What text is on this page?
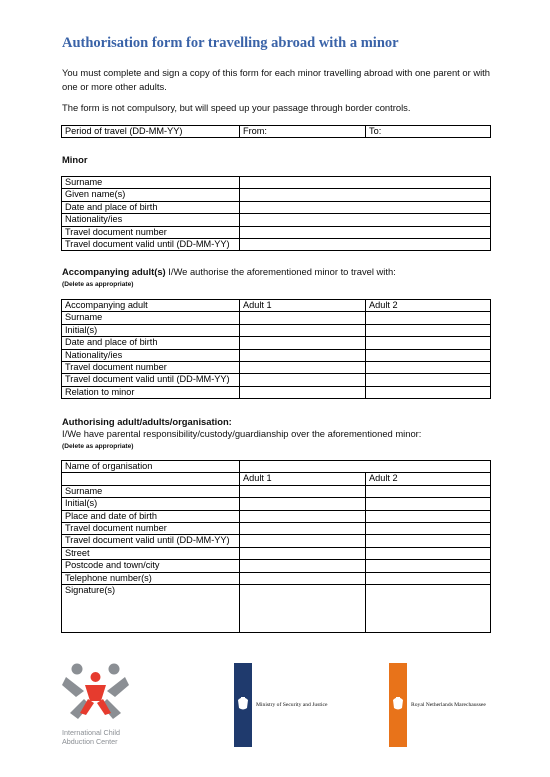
Authorisation form for travelling abroad with a minor

You must complete and sign a copy of this form for each minor travelling abroad with one parent or with one or more other adults.

The form is not compulsory, but will speed up your passage through border controls.

Period of travel (DD-MM-YY)	From:	To:
Minor
Surname	
Given name(s)	
Date and place of birth	
Nationality/ies	
Travel document number	
Travel document valid until (DD-MM-YY)	
Accompanying adult(s) I/We authorise the aforementioned minor to travel with:
(Delete as appropriate)
Accompanying adult	Adult 1	Adult 2
Surname		
Initial(s)		
Date and place of birth		
Nationality/ies		
Travel document number		
Travel document valid until (DD-MM-YY)		
Relation to minor		
Authorising adult/adults/organisation:
I/We have parental responsibility/custody/guardianship over the aforementioned minor:
(Delete as appropriate)
Name of organisation		
	Adult 1	Adult 2
Surname		
Initial(s)		
Place and date of birth		
Travel document number		
Travel document valid until (DD-MM-YY)		
Street		
Postcode and town/city		
Telephone number(s)		
Signature(s)		
International Child
Abduction Center
Ministry of Security and Justice	Royal Netherlands Marechaussee
